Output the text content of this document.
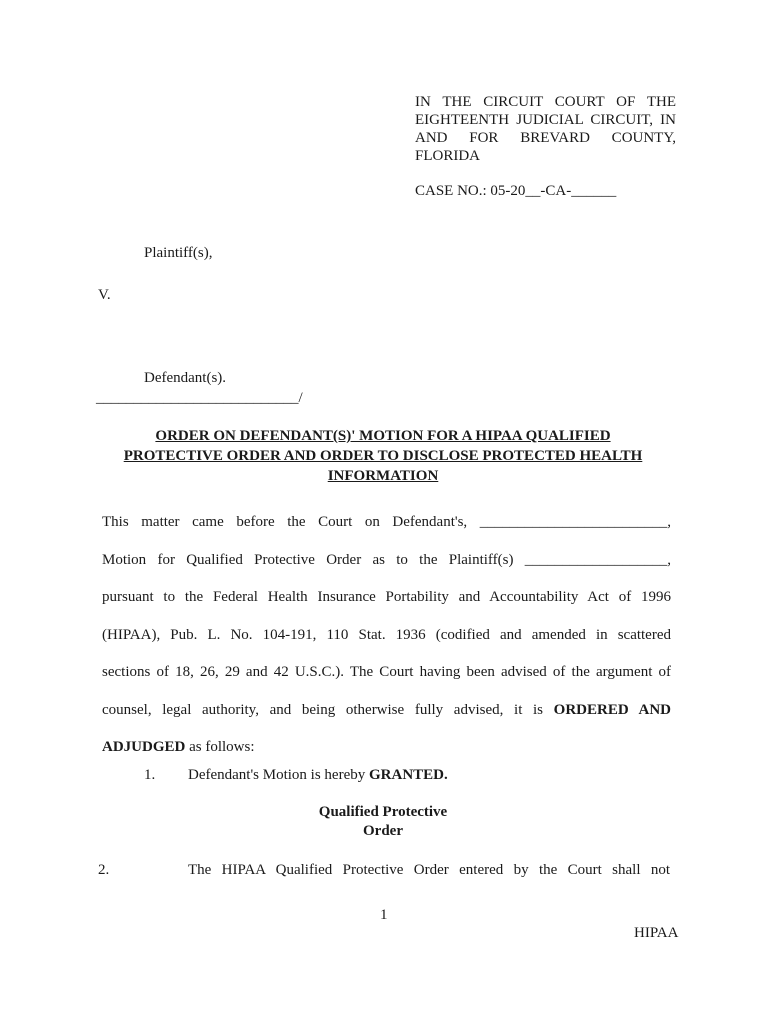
IN THE CIRCUIT COURT OF THE
EIGHTEENTH JUDICIAL CIRCUIT, IN
AND FOR BREVARD COUNTY,
FLORIDA
CASE NO.: 05-20__-CA-______
Plaintiff(s),
V.
Defendant(s).
___________________________/
ORDER ON DEFENDANT(S)' MOTION FOR A HIPAA QUALIFIED
PROTECTIVE ORDER AND ORDER TO DISCLOSE PROTECTED HEALTH
INFORMATION
This matter came before the Court on Defendant's, _________________________,
Motion for Qualified Protective Order as to the Plaintiff(s) ___________________,
pursuant to the Federal Health Insurance Portability and Accountability Act of 1996
(HIPAA), Pub. L. No. 104-191, 110 Stat. 1936 (codified and amended in scattered
sections of 18, 26, 29 and 42 U.S.C.). The Court having been advised of the argument of
counsel, legal authority, and being otherwise fully advised, it is ORDERED AND
ADJUDGED as follows:
1. Defendant's Motion is hereby GRANTED.
Qualified Protective
Order
2.	The HIPAA Qualified Protective Order entered by the Court shall not
1
HIPAA
